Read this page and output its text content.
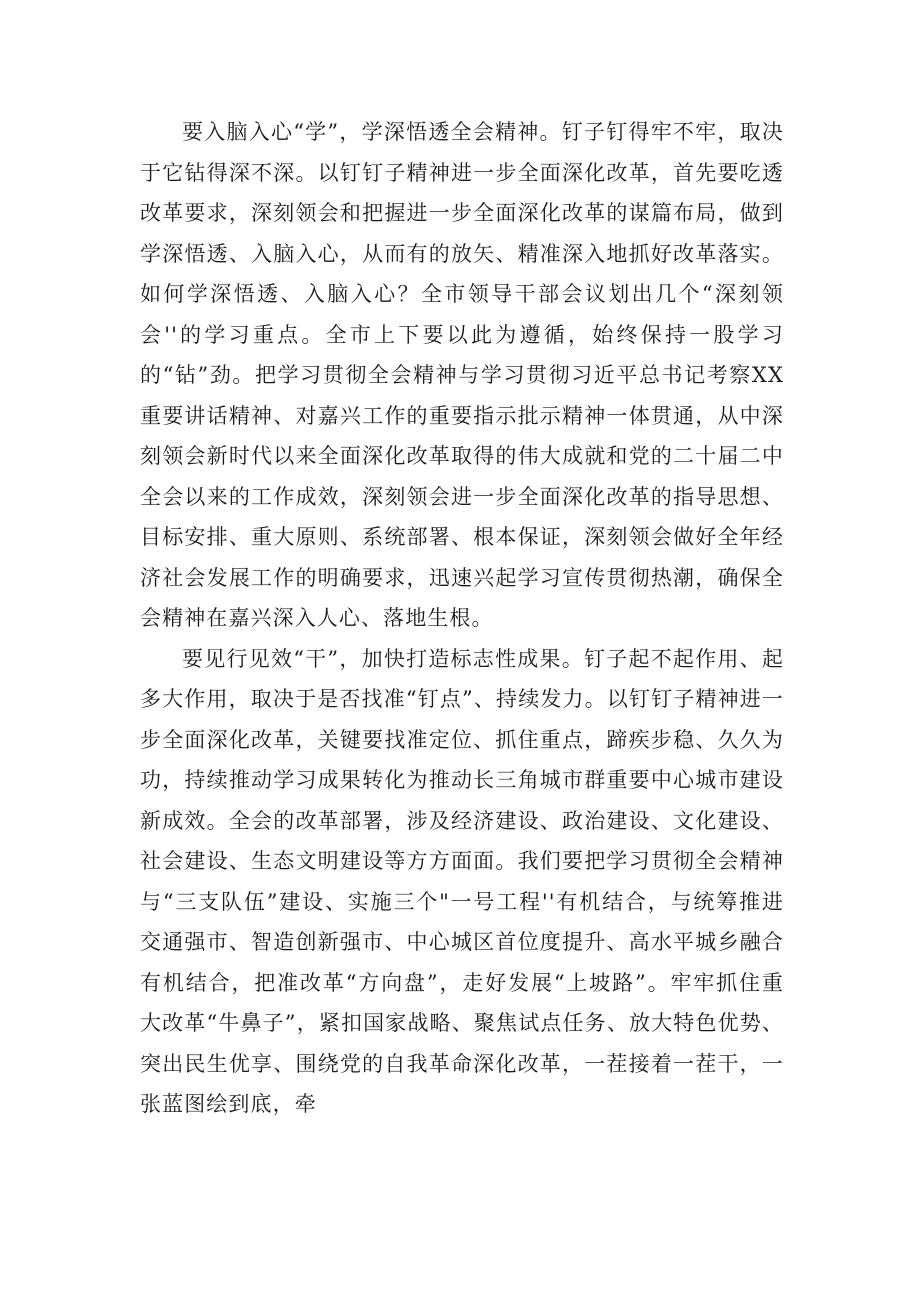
要入脑入心“学”，学深悟透全会精神。钉子钉得牢不牢，取决于它钻得深不深。以钉钉子精神进一步全面深化改革，首先要吃透改革要求，深刻领会和把握进一步全面深化改革的谋篇布局，做到学深悟透、入脑入心，从而有的放矢、精准深入地抓好改革落实。如何学深悟透、入脑入心？全市领导干部会议划出几个“深刻领会''的学习重点。全市上下要以此为遵循，始终保持一股学习的“钻”劲。把学习贯彻全会精神与学习贯彻习近平总书记考察XX重要讲话精神、对嘉兴工作的重要指示批示精神一体贯通，从中深刻领会新时代以来全面深化改革取得的伟大成就和党的二十届二中全会以来的工作成效，深刻领会进一步全面深化改革的指导思想、目标安排、重大原则、系统部署、根本保证，深刻领会做好全年经济社会发展工作的明确要求，迅速兴起学习宣传贯彻热潮，确保全会精神在嘉兴深入人心、落地生根。

要见行见效“干”，加快打造标志性成果。钉子起不起作用、起多大作用，取决于是否找准“钉点”、持续发力。以钉钉子精神进一步全面深化改革，关键要找准定位、抓住重点，蹄疾步稳、久久为功，持续推动学习成果转化为推动长三角城市群重要中心城市建设新成效。全会的改革部署，涉及经济建设、政治建设、文化建设、社会建设、生态文明建设等方方面面。我们要把学习贯彻全会精神与“三支队伍”建设、实施三个"一号工程''有机结合，与统筹推进交通强市、智造创新强市、中心城区首位度提升、高水平城乡融合有机结合，把准改革“方向盘”，走好发展“上坡路”。牢牢抓住重大改革“牛鼻子”，紧扣国家战略、聚焦试点任务、放大特色优势、突出民生优享、围绕党的自我革命深化改革，一茬接着一茬干，一张蓝图绘到底，牵
